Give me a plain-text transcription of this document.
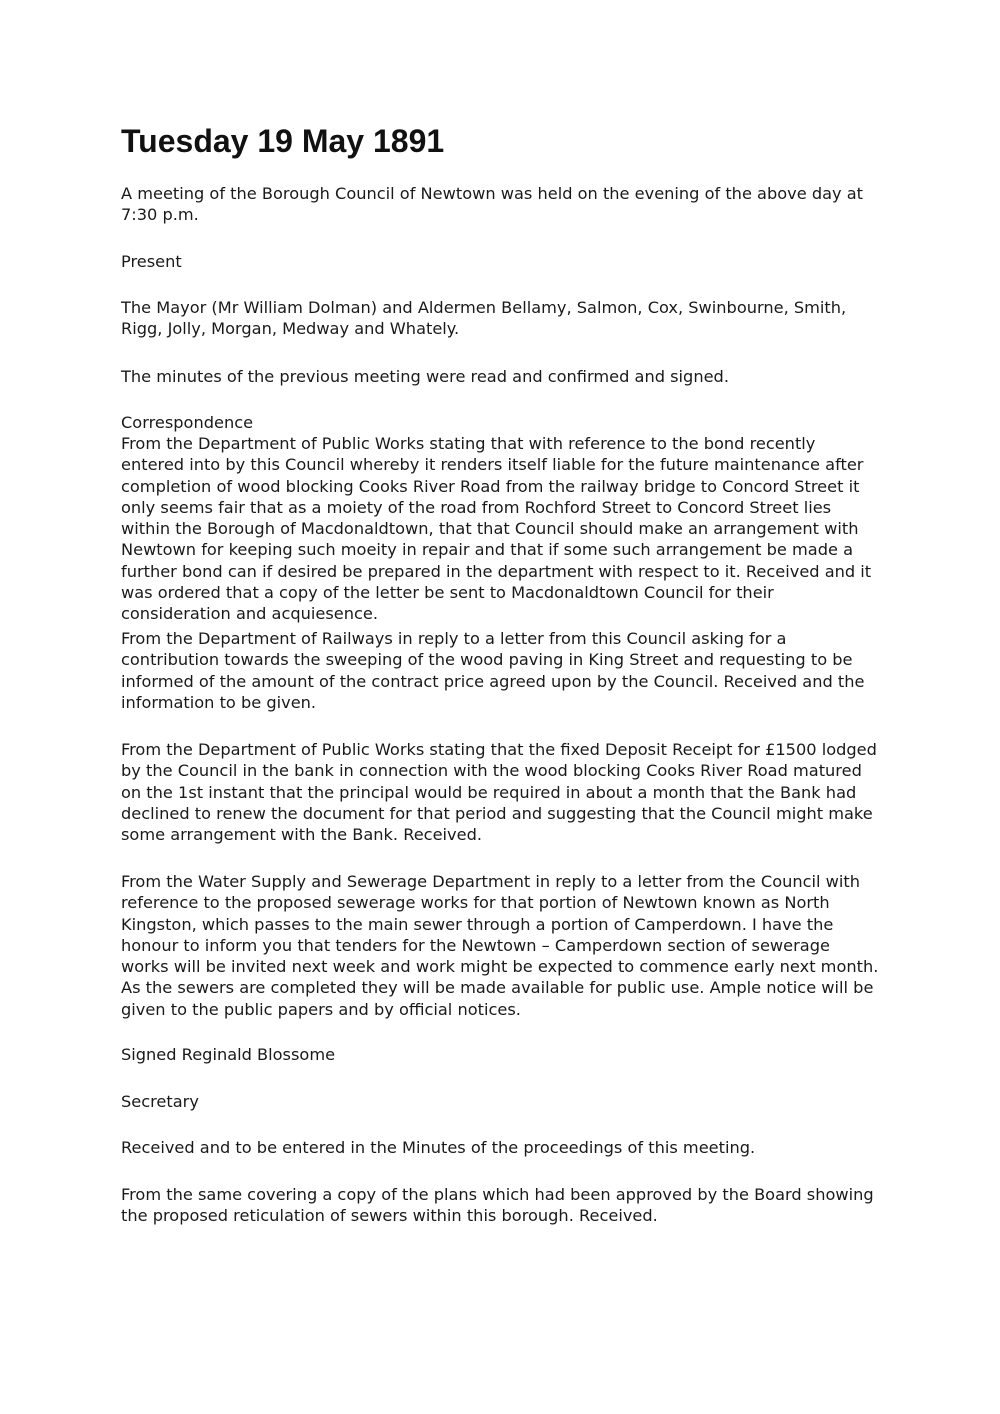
Tuesday 19 May 1891

A meeting of the Borough Council of Newtown was held on the evening of the above day at 7:30 p.m.

Present

The Mayor (Mr William Dolman) and Aldermen Bellamy, Salmon, Cox, Swinbourne, Smith, Rigg, Jolly, Morgan, Medway and Whately.

The minutes of the previous meeting were read and confirmed and signed.

Correspondence

From the Department of Public Works stating that with reference to the bond recently entered into by this Council whereby it renders itself liable for the future maintenance after completion of wood blocking Cooks River Road from the railway bridge to Concord Street it only seems fair that as a moiety of the road from Rochford Street to Concord Street lies within the Borough of Macdonaldtown, that that Council should make an arrangement with Newtown for keeping such moeity in repair and that if some such arrangement be made a further bond can if desired be prepared in the department with respect to it. Received and it was ordered that a copy of the letter be sent to Macdonaldtown Council for their consideration and acquiesence.

From the Department of Railways in reply to a letter from this Council asking for a contribution towards the sweeping of the wood paving in King Street and requesting to be informed of the amount of the contract price agreed upon by the Council. Received and the information to be given.

From the Department of Public Works stating that the fixed Deposit Receipt for £1500 lodged by the Council in the bank in connection with the wood blocking Cooks River Road matured on the 1st instant that the principal would be required in about a month that the Bank had declined to renew the document for that period and suggesting that the Council might make some arrangement with the Bank. Received.

From the Water Supply and Sewerage Department in reply to a letter from the Council with reference to the proposed sewerage works for that portion of Newtown known as North Kingston, which passes to the main sewer through a portion of Camperdown. I have the honour to inform you that tenders for the Newtown – Camperdown section of sewerage works will be invited next week and work might be expected to commence early next month. As the sewers are completed they will be made available for public use. Ample notice will be given to the public papers and by official notices.

Signed Reginald Blossome

Secretary

Received and to be entered in the Minutes of the proceedings of this meeting.

From the same covering a copy of the plans which had been approved by the Board showing the proposed reticulation of sewers within this borough. Received.
